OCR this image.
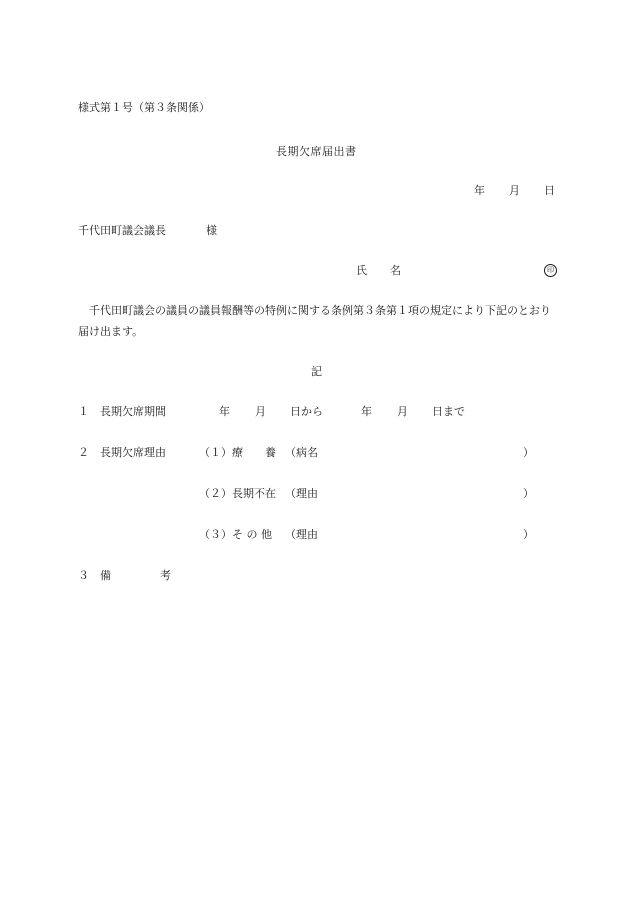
様式第１号（第３条関係）
長期欠席届出書
年 月 日
千代田町議会議長	様
氏 名	印
千代田町議会の議員の議員報酬等の特例に関する条例第３条第１項の規定により下記のとおり届け出ます。
記
１ 長期欠席期間	年 月 日から	年 月 日まで
２ 長期欠席理由	（１） 療　　養 （病名	）
（２） 長期不在 （理由	）
（３） そ の 他 （理由	）
３ 備	考
